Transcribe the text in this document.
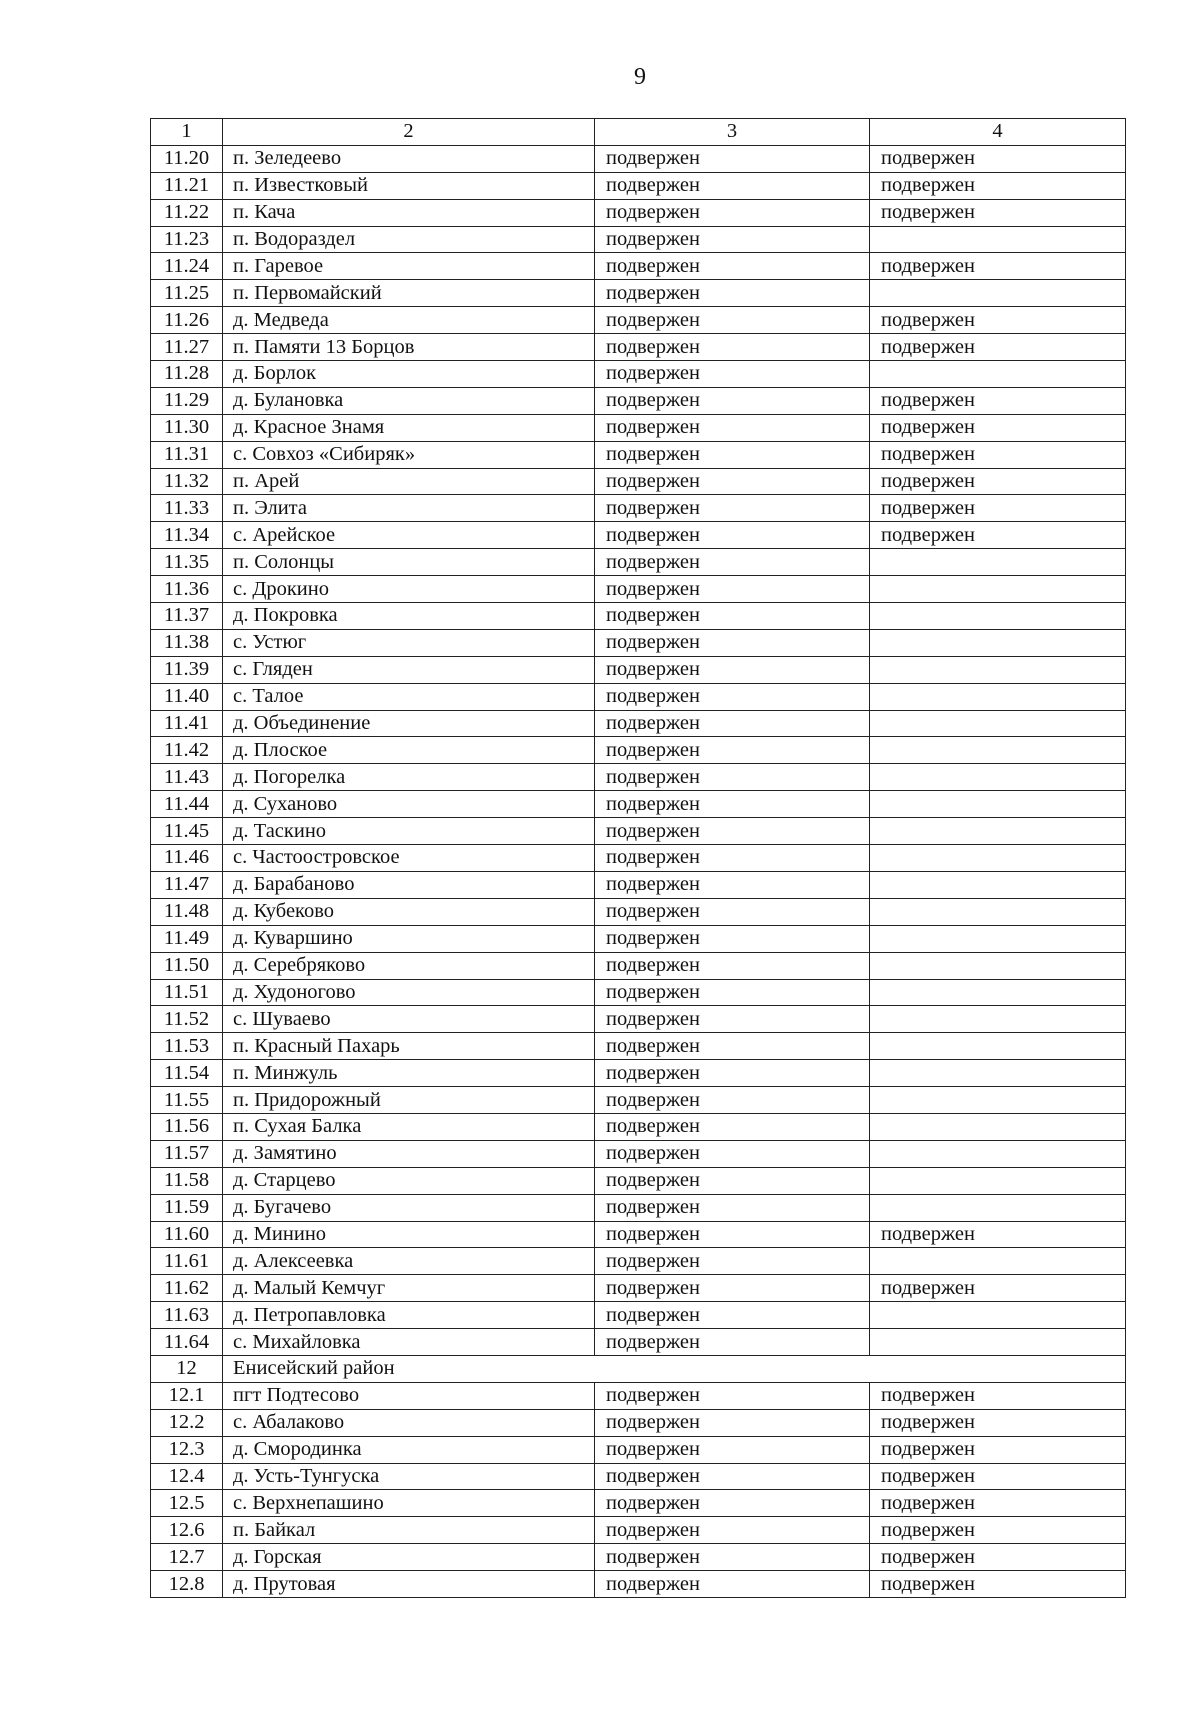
9
1	2	3	4
11.20	п. Зеледеево	подвержен	подвержен
11.21	п. Известковый	подвержен	подвержен
11.22	п. Кача	подвержен	подвержен
11.23	п. Водораздел	подвержен	
11.24	п. Гаревое	подвержен	подвержен
11.25	п. Первомайский	подвержен	
11.26	д. Медведа	подвержен	подвержен
11.27	п. Памяти 13 Борцов	подвержен	подвержен
11.28	д. Борлок	подвержен	
11.29	д. Булановка	подвержен	подвержен
11.30	д. Красное Знамя	подвержен	подвержен
11.31	с. Совхоз «Сибиряк»	подвержен	подвержен
11.32	п. Арей	подвержен	подвержен
11.33	п. Элита	подвержен	подвержен
11.34	с. Арейское	подвержен	подвержен
11.35	п. Солонцы	подвержен	
11.36	с. Дрокино	подвержен	
11.37	д. Покровка	подвержен	
11.38	с. Устюг	подвержен	
11.39	с. Гляден	подвержен	
11.40	с. Талое	подвержен	
11.41	д. Объединение	подвержен	
11.42	д. Плоское	подвержен	
11.43	д. Погорелка	подвержен	
11.44	д. Суханово	подвержен	
11.45	д. Таскино	подвержен	
11.46	с. Частоостровское	подвержен	
11.47	д. Барабаново	подвержен	
11.48	д. Кубеково	подвержен	
11.49	д. Куваршино	подвержен	
11.50	д. Серебряково	подвержен	
11.51	д. Худоногово	подвержен	
11.52	с. Шуваево	подвержен	
11.53	п. Красный Пахарь	подвержен	
11.54	п. Минжуль	подвержен	
11.55	п. Придорожный	подвержен	
11.56	п. Сухая Балка	подвержен	
11.57	д. Замятино	подвержен	
11.58	д. Старцево	подвержен	
11.59	д. Бугачево	подвержен	
11.60	д. Минино	подвержен	подвержен
11.61	д. Алексеевка	подвержен	
11.62	д. Малый Кемчуг	подвержен	подвержен
11.63	д. Петропавловка	подвержен	
11.64	с. Михайловка	подвержен	
12	Енисейский район		
12.1	пгт Подтесово	подвержен	подвержен
12.2	с. Абалаково	подвержен	подвержен
12.3	д. Смородинка	подвержен	подвержен
12.4	д. Усть-Тунгуска	подвержен	подвержен
12.5	с. Верхнепашино	подвержен	подвержен
12.6	п. Байкал	подвержен	подвержен
12.7	д. Горская	подвержен	подвержен
12.8	д. Прутовая	подвержен	подвержен
